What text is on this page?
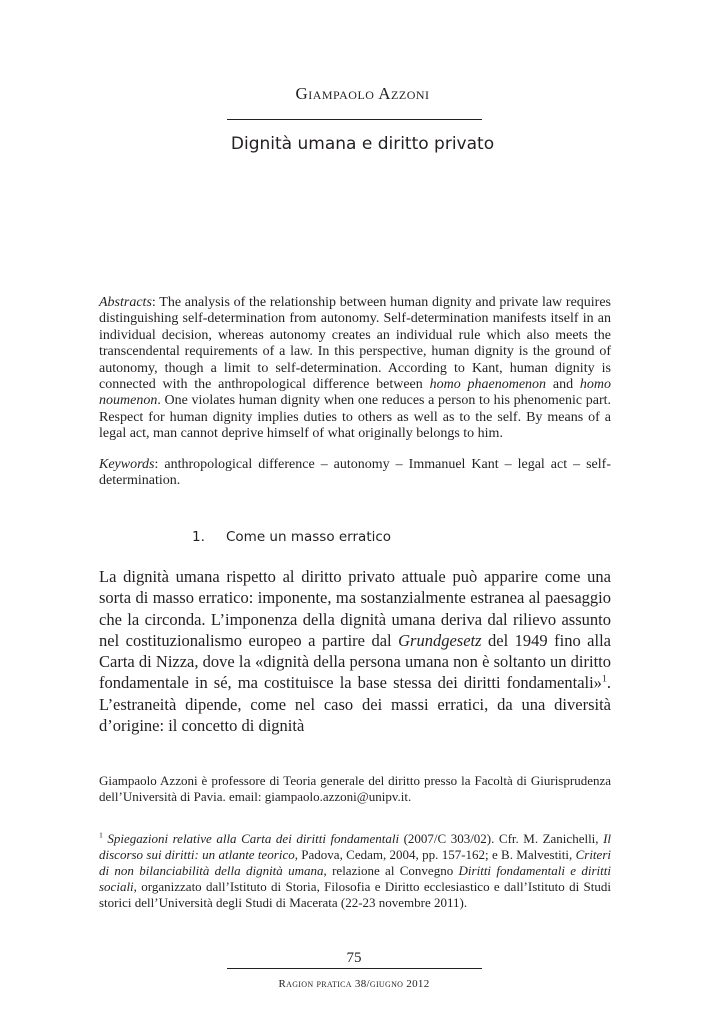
Giampaolo Azzoni
Dignità umana e diritto privato
Abstracts: The analysis of the relationship between human dignity and private law requires distinguishing self-determination from autonomy. Self-determination manifests itself in an individual decision, whereas autonomy creates an individual rule which also meets the transcendental requirements of a law. In this perspective, human dignity is the ground of autonomy, though a limit to self-determination. According to Kant, human dignity is connected with the anthropological difference between homo phaenomenon and homo noumenon. One violates human dignity when one reduces a person to his phenomenic part. Respect for human dignity implies duties to others as well as to the self. By means of a legal act, man cannot deprive himself of what originally belongs to him.
Keywords: anthropological difference – autonomy – Immanuel Kant – legal act – self-determination.
1. Come un masso erratico
La dignità umana rispetto al diritto privato attuale può apparire come una sorta di masso erratico: imponente, ma sostanzialmente estranea al paesaggio che la circonda. L’imponenza della dignità umana deriva dal rilievo assunto nel costituzionalismo europeo a partire dal Grundgesetz del 1949 fino alla Carta di Nizza, dove la «dignità della persona umana non è soltanto un diritto fondamentale in sé, ma costituisce la base stessa dei diritti fondamentali»$^1$. L’estraneità dipende, come nel caso dei massi erratici, da una diversità d’origine: il concetto di dignità
Giampaolo Azzoni è professore di Teoria generale del diritto presso la Facoltà di Giurisprudenza dell’Università di Pavia. email: giampaolo.azzoni@unipv.it.
$^1$ Spiegazioni relative alla Carta dei diritti fondamentali (2007/C 303/02). Cfr. M. Zanichelli, Il discorso sui diritti: un atlante teorico, Padova, Cedam, 2004, pp. 157-162; e B. Malvestiti, Criteri di non bilanciabilità della dignità umana, relazione al Convegno Diritti fondamentali e diritti sociali, organizzato dall’Istituto di Storia, Filosofia e Diritto ecclesiastico e dall’Istituto di Studi storici dell’Università degli Studi di Macerata (22-23 novembre 2011).
75
Ragion pratica 38/giugno 2012
